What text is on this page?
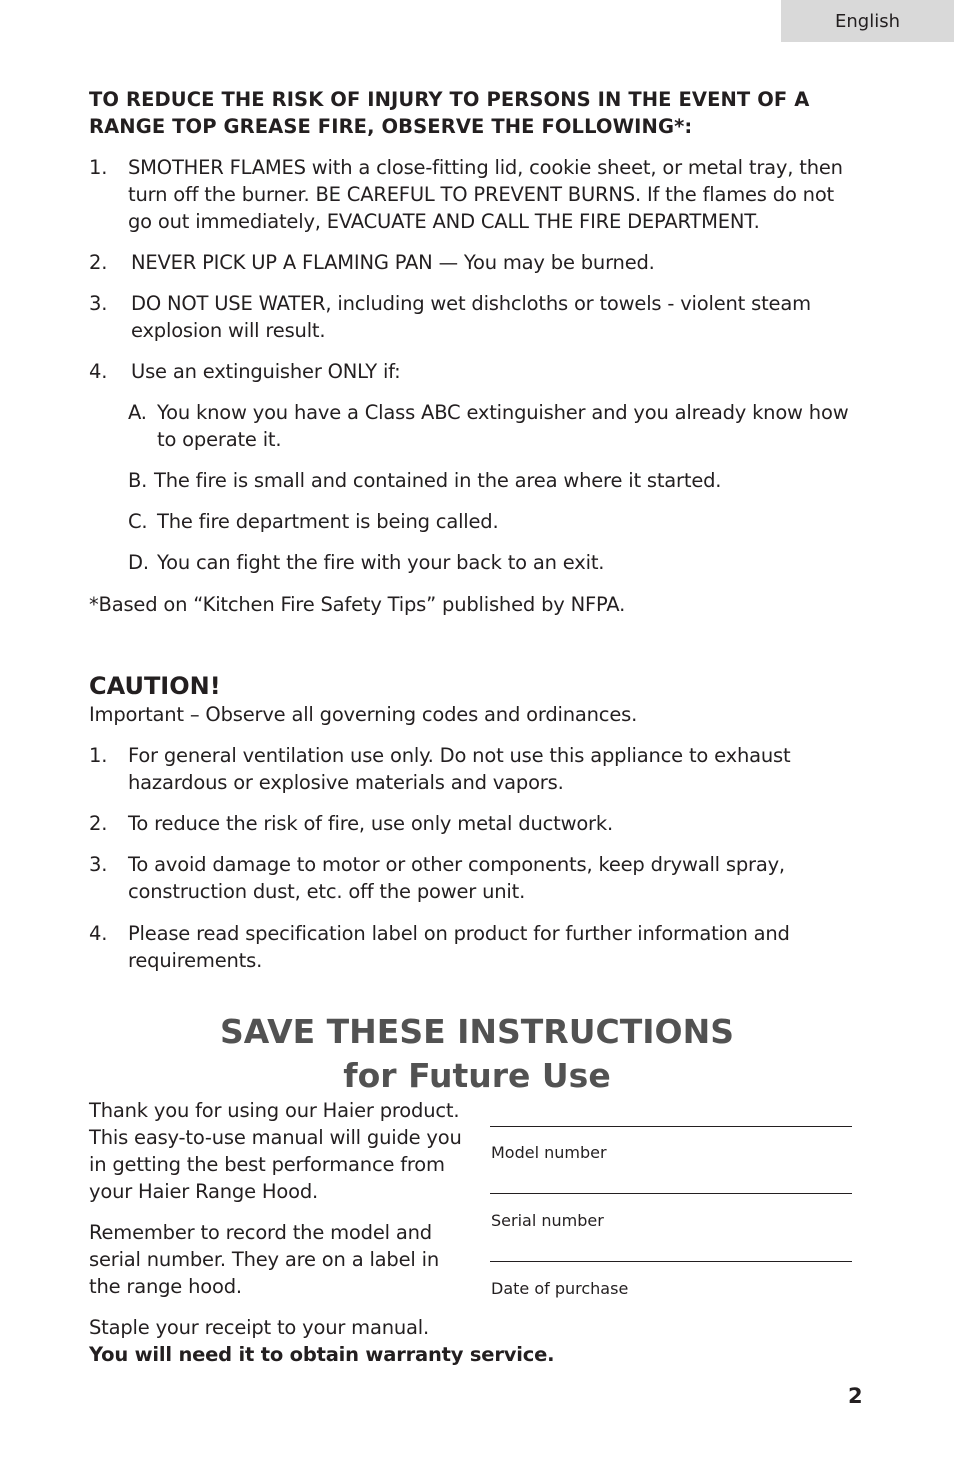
English
TO REDUCE THE RISK OF INJURY TO PERSONS IN THE EVENT OF A
RANGE TOP GREASE FIRE, OBSERVE THE FOLLOWING*:
1. SMOTHER FLAMES with a close-fitting lid, cookie sheet, or metal tray, then
turn off the burner. BE CAREFUL TO PREVENT BURNS. If the flames do not
go out immediately, EVACUATE AND CALL THE FIRE DEPARTMENT.
2. NEVER PICK UP A FLAMING PAN — You may be burned.
3. DO NOT USE WATER, including wet dishcloths or towels - violent steam
explosion will result.
4. Use an extinguisher ONLY if:
A. You know you have a Class ABC extinguisher and you already know how
to operate it.
B. The fire is small and contained in the area where it started.
C. The fire department is being called.
D. You can fight the fire with your back to an exit.
*Based on “Kitchen Fire Safety Tips” published by NFPA.
CAUTION!
Important – Observe all governing codes and ordinances.
1. For general ventilation use only. Do not use this appliance to exhaust
hazardous or explosive materials and vapors.
2. To reduce the risk of fire, use only metal ductwork.
3. To avoid damage to motor or other components, keep drywall spray,
construction dust, etc. off the power unit.
4. Please read specification label on product for further information and
requirements.
SAVE THESE INSTRUCTIONS
for Future Use
Thank you for using our Haier product.
This easy-to-use manual will guide you
in getting the best performance from
your Haier Range Hood.
Remember to record the model and
serial number. They are on a label in
the range hood.
Staple your receipt to your manual.
You will need it to obtain warranty service.
Model number
Serial number
Date of purchase
2
